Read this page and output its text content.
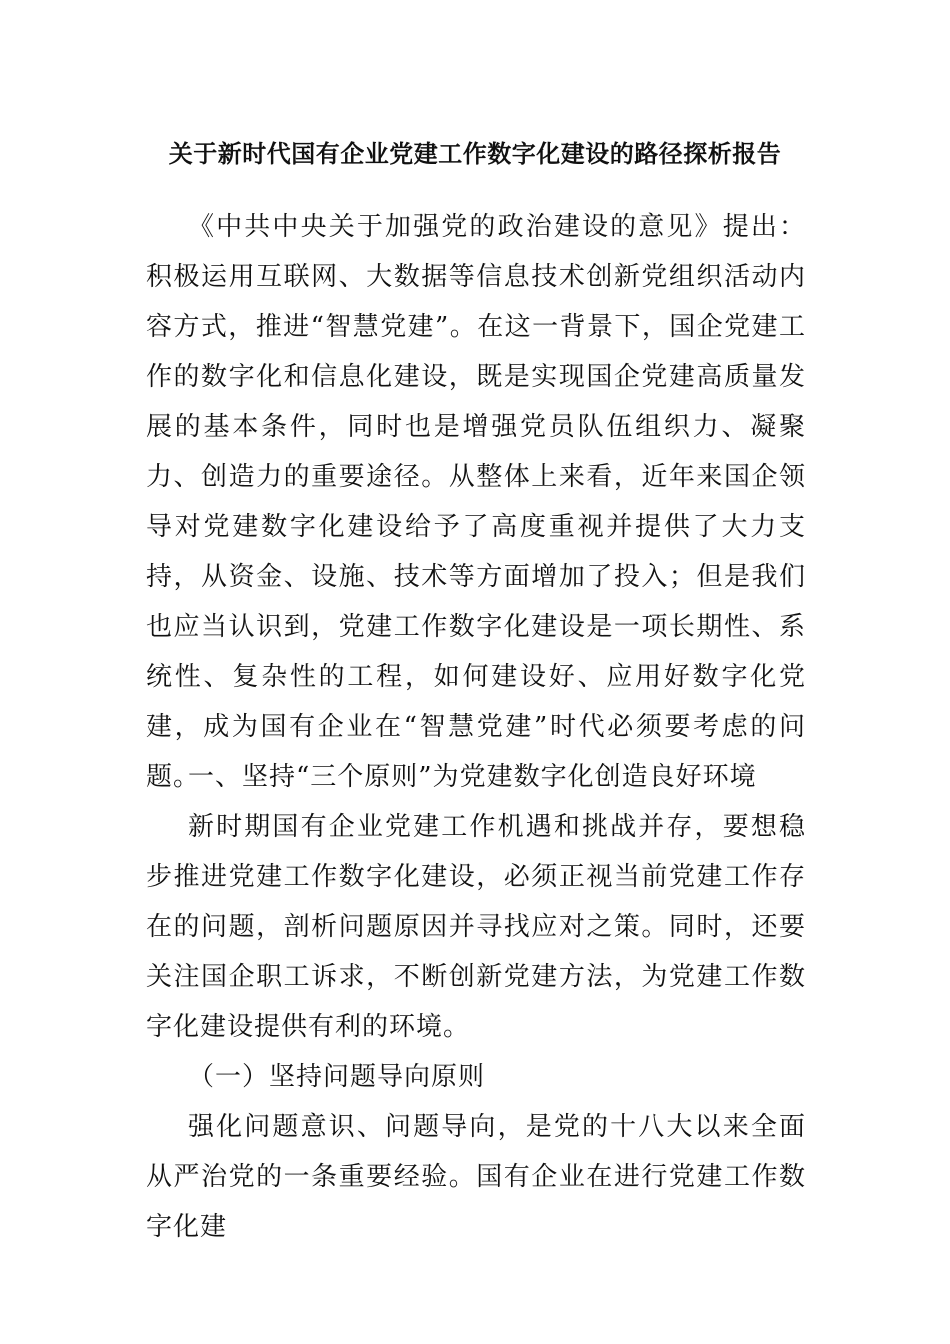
关于新时代国有企业党建工作数字化建设的路径探析报告

《中共中央关于加强党的政治建设的意见》提出：积极运用互联网、大数据等信息技术创新党组织活动内容方式，推进“智慧党建”。在这一背景下，国企党建工作的数字化和信息化建设，既是实现国企党建高质量发展的基本条件，同时也是增强党员队伍组织力、凝聚力、创造力的重要途径。从整体上来看，近年来国企领导对党建数字化建设给予了高度重视并提供了大力支持，从资金、设施、技术等方面增加了投入；但是我们也应当认识到，党建工作数字化建设是一项长期性、系统性、复杂性的工程，如何建设好、应用好数字化党建，成为国有企业在“智慧党建”时代必须要考虑的问题。

一、坚持“三个原则”为党建数字化创造良好环境

新时期国有企业党建工作机遇和挑战并存，要想稳步推进党建工作数字化建设，必须正视当前党建工作存在的问题，剖析问题原因并寻找应对之策。同时，还要关注国企职工诉求，不断创新党建方法，为党建工作数字化建设提供有利的环境。

（一）坚持问题导向原则

强化问题意识、问题导向，是党的十八大以来全面从严治党的一条重要经验。国有企业在进行党建工作数字化建
